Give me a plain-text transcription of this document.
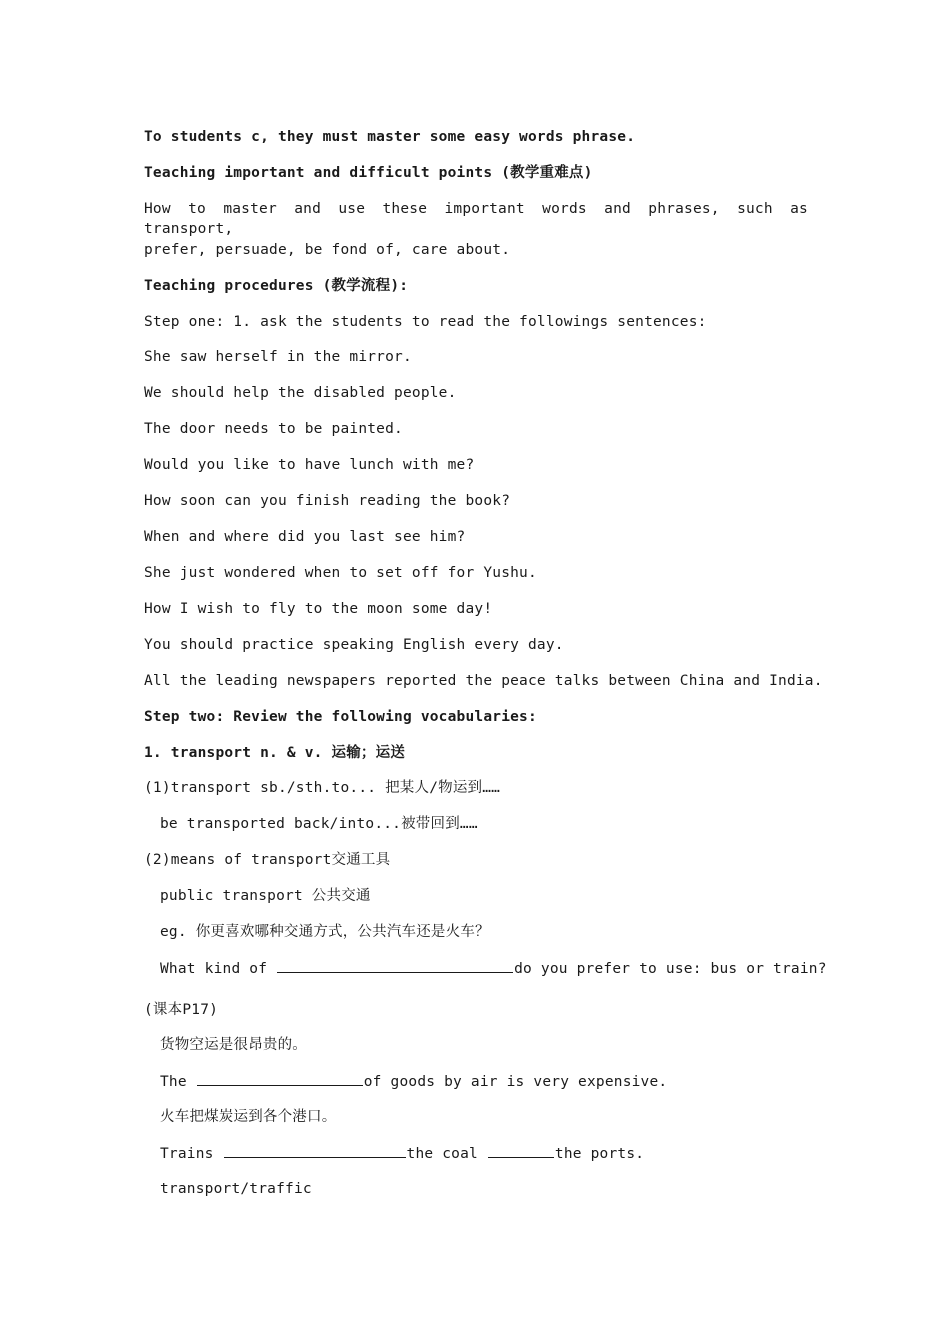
To students c, they must master some easy words phrase.
Teaching important and difficult points (教学重难点)
How to master and use these important words and phrases, such as transport,
prefer, persuade, be fond of, care about.
Teaching procedures (教学流程):
Step one: 1. ask the students to read the followings sentences:
She saw herself in the mirror.
We should help the disabled people.
The door needs to be painted.
Would you like to have lunch with me?
How soon can you finish reading the book?
When and where did you last see him?
She just wondered when to set off for Yushu.
How I wish to fly to the moon some day!
You should practice speaking English every day.
All the leading newspapers reported the peace talks between China and India.
Step two: Review the following vocabularies:
1. transport n. & v. 运输；运送
(1)transport sb./sth.to... 把某人/物运到……
be transported back/into...被带回到……
(2)means of transport交通工具
public transport 公共交通
eg. 你更喜欢哪种交通方式，公共汽车还是火车？
What kind of	do you prefer to use: bus or train?
(课本P17)
货物空运是很昂贵的。
The	of goods by air is very expensive.
火车把煤炭运到各个港口。
Trains	the coal	the ports.
transport/traffic
